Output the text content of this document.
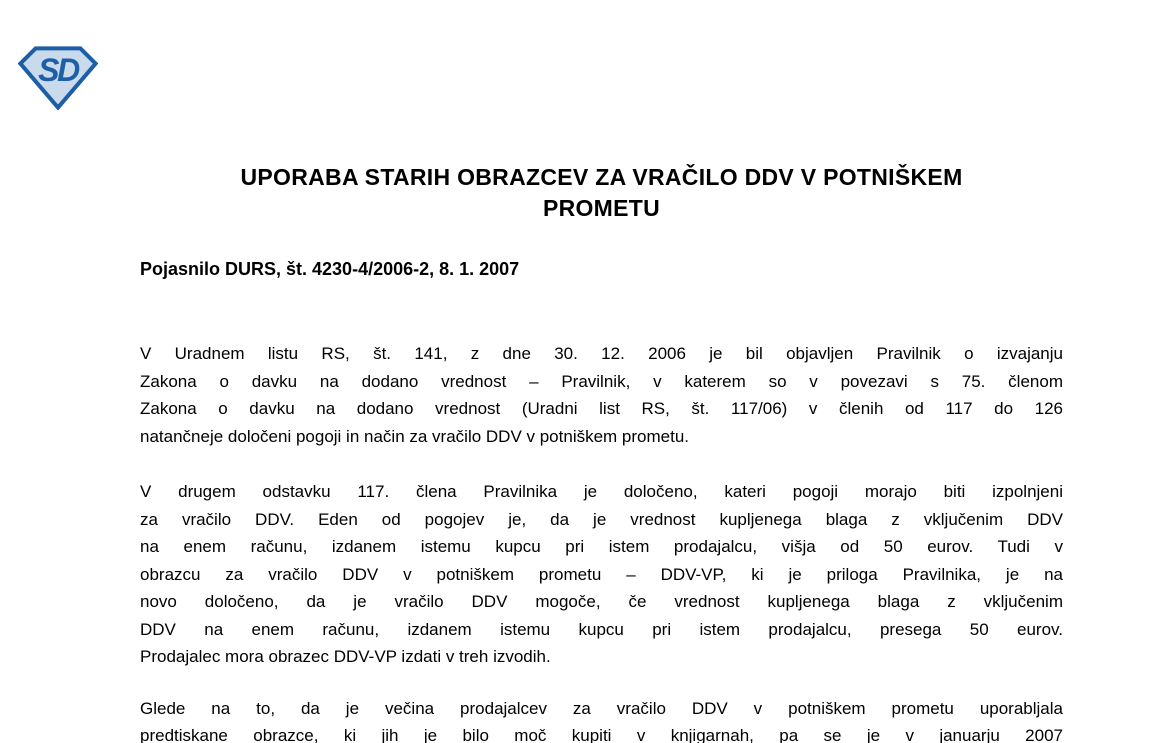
SD
UPORABA STARIH OBRAZCEV ZA VRAČILO DDV V POTNIŠKEM
PROMETU
Pojasnilo DURS, št. 4230-4/2006-2, 8. 1. 2007
V Uradnem listu RS, št. 141, z dne 30. 12. 2006 je bil objavljen Pravilnik o izvajanju
Zakona o davku na dodano vrednost – Pravilnik, v katerem so v povezavi s 75. členom
Zakona o davku na dodano vrednost (Uradni list RS, št. 117/06) v členih od 117 do 126
natančneje določeni pogoji in način za vračilo DDV v potniškem prometu.
V drugem odstavku 117. člena Pravilnika je določeno, kateri pogoji morajo biti izpolnjeni
za vračilo DDV. Eden od pogojev je, da je vrednost kupljenega blaga z vključenim DDV
na enem računu, izdanem istemu kupcu pri istem prodajalcu, višja od 50 eurov. Tudi v
obrazcu za vračilo DDV v potniškem prometu – DDV-VP, ki je priloga Pravilnika, je na
novo določeno, da je vračilo DDV mogoče, če vrednost kupljenega blaga z vključenim
DDV na enem računu, izdanem istemu kupcu pri istem prodajalcu, presega 50 eurov.
Prodajalec mora obrazec DDV-VP izdati v treh izvodih.
Glede na to, da je večina prodajalcev za vračilo DDV v potniškem prometu uporabljala
predtiskane obrazce, ki jih je bilo moč kupiti v knjigarnah, pa se je v januarju 2007
